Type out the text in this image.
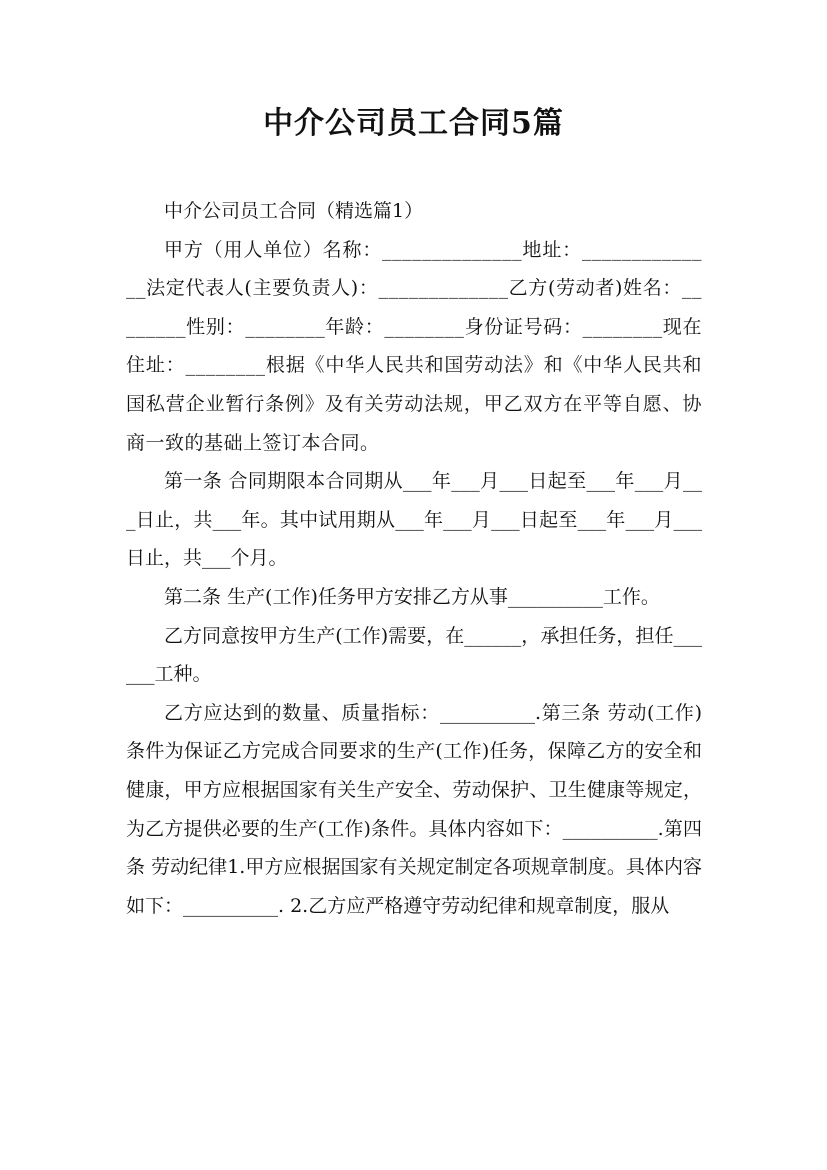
中介公司员工合同5篇

中介公司员工合同（精选篇1）

甲方（用人单位）名称：______________地址：______________法定代表人(主要负责人)：_____________乙方(劳动者)姓名：________性别：________年龄：________身份证号码：________现在住址：________根据《中华人民共和国劳动法》和《中华人民共和国私营企业暂行条例》及有关劳动法规，甲乙双方在平等自愿、协商一致的基础上签订本合同。

第一条 合同期限本合同期从___年___月___日起至___年___月___日止，共___年。其中试用期从___年___月___日起至___年___月___日止，共___个月。

第二条 生产(工作)任务甲方安排乙方从事__________工作。

乙方同意按甲方生产(工作)需要，在______，承担任务，担任______工种。

乙方应达到的数量、质量指标：__________.第三条 劳动(工作)条件为保证乙方完成合同要求的生产(工作)任务，保障乙方的安全和健康，甲方应根据国家有关生产安全、劳动保护、卫生健康等规定，为乙方提供必要的生产(工作)条件。具体内容如下：__________.第四条 劳动纪律1.甲方应根据国家有关规定制定各项规章制度。具体内容如下：__________. 2.乙方应严格遵守劳动纪律和规章制度，服从
